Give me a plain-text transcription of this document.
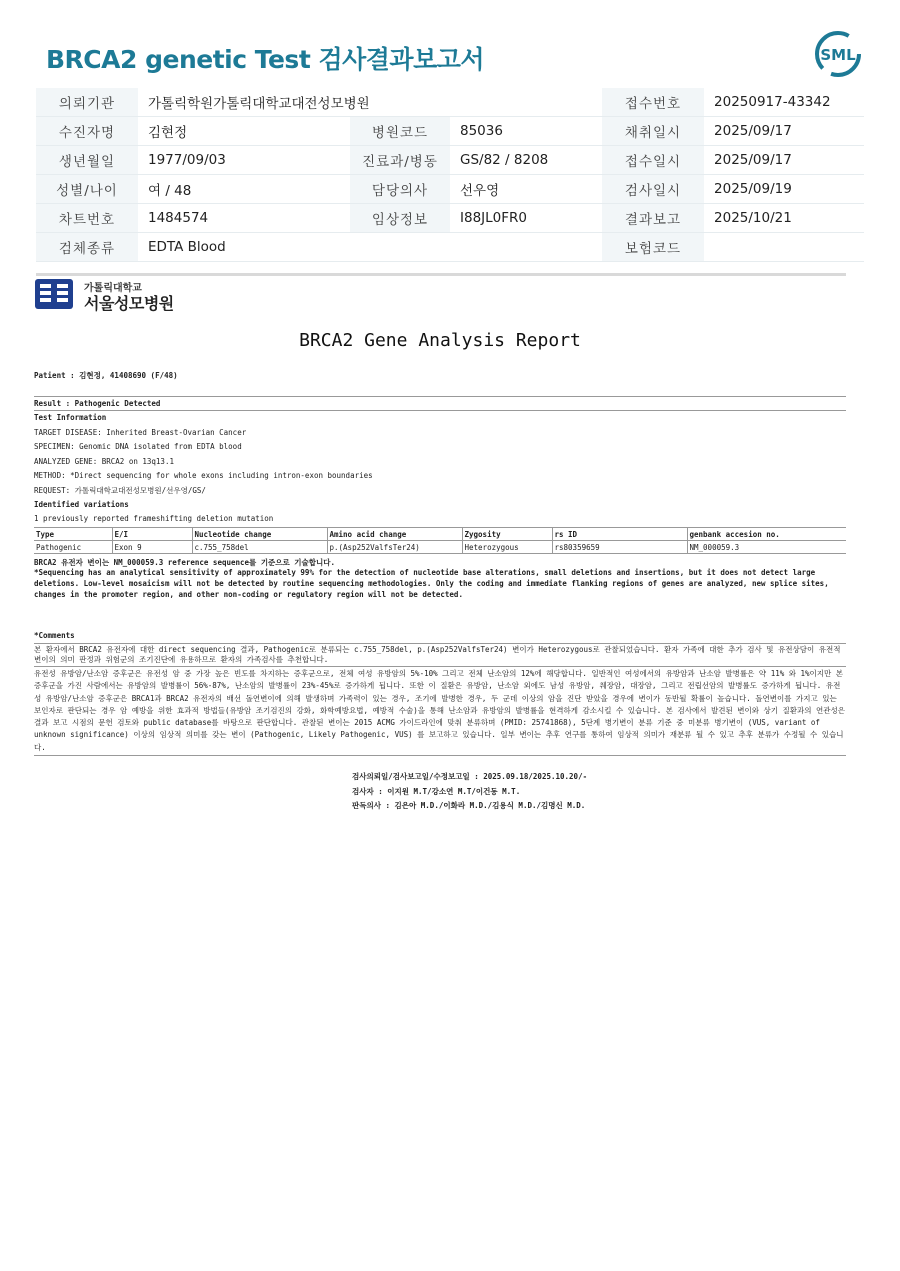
BRCA2 genetic Test 검사결과보고서	SML
의뢰기관	가톨릭학원가톨릭대학교대전성모병원			접수번호	20250917-43342
수진자명	김현정	병원코드	85036	채취일시	2025/09/17
생년월일	1977/09/03	진료과/병동	GS/82 / 8208	접수일시	2025/09/17
성별/나이	여 / 48	담당의사	선우영	검사일시	2025/09/19
차트번호	1484574	임상정보	I88JL0FR0	결과보고	2025/10/21
검체종류	EDTA Blood			보험코드	
가톨릭대학교
서울성모병원
BRCA2 Gene Analysis Report
Patient : 김현정, 41408690 (F/48)
Result : Pathogenic Detected
Test Information
TARGET DISEASE: Inherited Breast-Ovarian Cancer
SPECIMEN: Genomic DNA isolated from EDTA blood
ANALYZED GENE: BRCA2 on 13q13.1
METHOD: *Direct sequencing for whole exons including intron-exon boundaries
REQUEST: 가톨릭대학교대전성모병원/선우영/GS/
Identified variations
1 previously reported frameshifting deletion mutation
Type	E/I	Nucleotide change	Amino acid change	Zygosity	rs ID	genbank accesion no.
Pathogenic	Exon 9	c.755_758del	p.(Asp252ValfsTer24)	Heterozygous	rs80359659	NM_000059.3
BRCA2 유전자 변이는 NM_000059.3 reference sequence를 기준으로 기술합니다.
*Sequencing has an analytical sensitivity of approximately 99% for the detection of nucleotide base alterations, small deletions and insertions, but it does not detect large deletions. Low-level mosaicism will not be detected by routine sequencing methodologies. Only the coding and immediate flanking regions of genes are analyzed, new splice sites, changes in the promoter region, and other non-coding or regulatory region will not be detected.
*Comments
본 환자에서 BRCA2 유전자에 대한 direct sequencing 결과, Pathogenic로 분류되는 c.755_758del, p.(Asp252ValfsTer24) 변이가 Heterozygous로 관찰되었습니다. 환자 가족에 대한 추가 검사 및 유전상담이 유전적 변이의 의미 판정과 위험군의 조기진단에 유용하므로 환자의 가족검사를 추천합니다.
유전성 유방암/난소암 증후군은 유전성 암 중 가장 높은 빈도를 차지하는 증후군으로, 전체 여성 유방암의 5%-10% 그리고 전체 난소암의 12%에 해당합니다. 일반적인 여성에서의 유방암과 난소암 발병률은 약 11% 와 1%이지만 본 증후군을 가진 사람에서는 유방암의 발병률이 56%-87%, 난소암의 발병률이 23%-45%로 증가하게 됩니다. 또한 이 질환은 유방암, 난소암 외에도 남성 유방암, 췌장암, 대장암, 그리고 전립선암의 발병률도 증가하게 됩니다. 유전성 유방암/난소암 증후군은 BRCA1과 BRCA2 유전자의 배선 돌연변이에 의해 발생하며 가족력이 있는 경우, 조기에 발병한 경우, 두 군데 이상의 암을 진단 받았을 경우에 변이가 동반될 확률이 높습니다. 돌연변이를 가지고 있는 보인자로 판단되는 경우 암 예방을 위한 효과적 방법들(유방암 조기검진의 강화, 화학예방요법, 예방적 수술)을 통해 난소암과 유방암의 발병률을 현격하게 감소시킬 수 있습니다. 본 검사에서 발견된 변이와 상기 질환과의 연관성은 결과 보고 시점의 문헌 검토와 public database를 바탕으로 판단합니다. 관찰된 변이는 2015 ACMG 가이드라인에 맞춰 분류하며 (PMID: 25741868), 5단계 병기변이 분류 기준 중 미분류 병기변이 (VUS, variant of unknown significance) 이상의 임상적 의미를 갖는 변이 (Pathogenic, Likely Pathogenic, VUS) 를 보고하고 있습니다. 일부 변이는 추후 연구를 통하여 임상적 의미가 재분류 될 수 있고 추후 분류가 수정될 수 있습니다.
검사의뢰일/검사보고일/수정보고일 : 2025.09.18/2025.10.20/-
검사자 : 이지원 M.T/강소연 M.T/이건동 M.T.
판독의사 : 김은아 M.D./이화라 M.D./김용식 M.D./김명신 M.D.
